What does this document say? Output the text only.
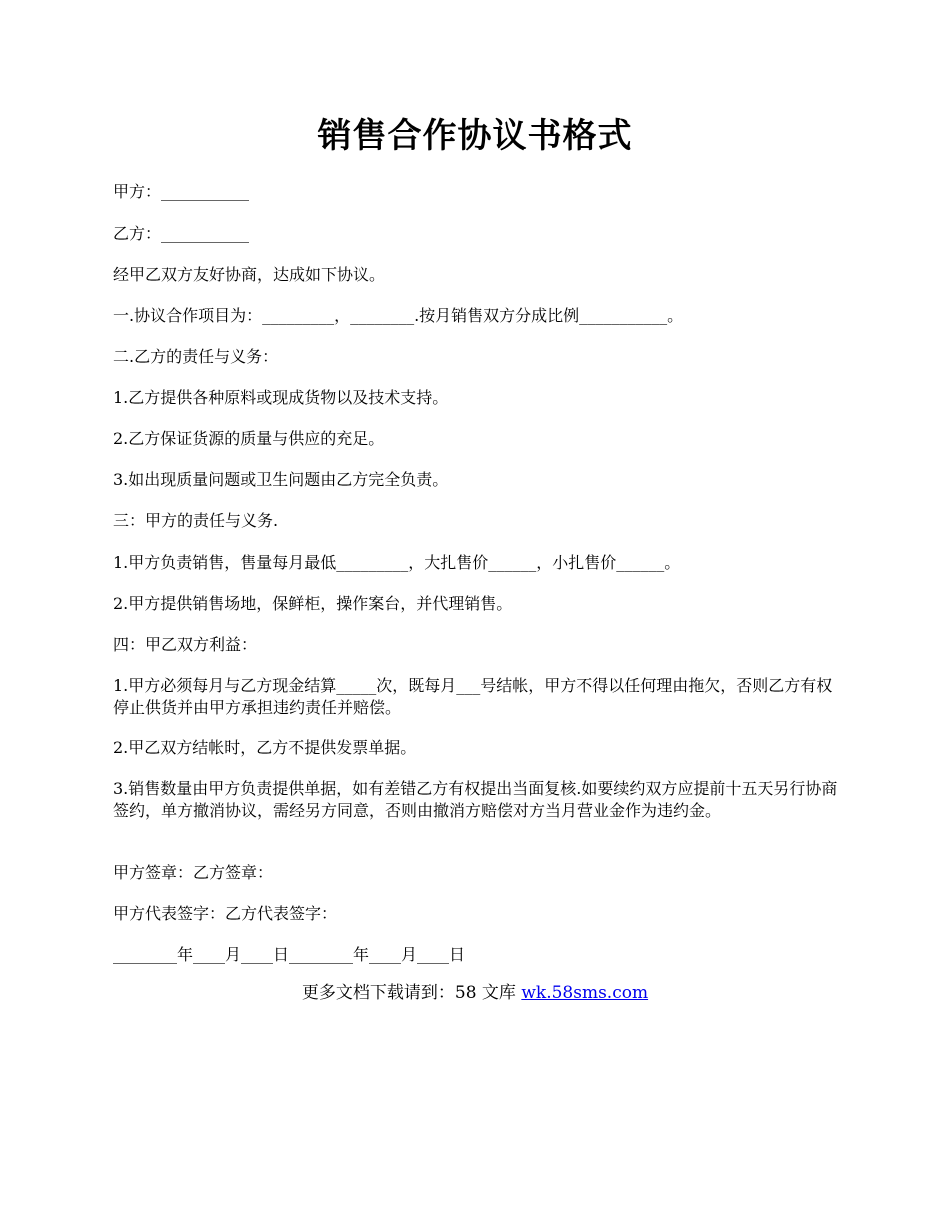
销售合作协议书格式

甲方：___________

乙方：___________

经甲乙双方友好协商，达成如下协议。

一.协议合作项目为：_________，________.按月销售双方分成比例___________。

二.乙方的责任与义务：

1.乙方提供各种原料或现成货物以及技术支持。

2.乙方保证货源的质量与供应的充足。

3.如出现质量问题或卫生问题由乙方完全负责。

三：甲方的责任与义务.

1.甲方负责销售，售量每月最低_________，大扎售价______，小扎售价______。

2.甲方提供销售场地，保鲜柜，操作案台，并代理销售。

四：甲乙双方利益：

1.甲方必须每月与乙方现金结算_____次，既每月___号结帐，甲方不得以任何理由拖欠，否则乙方有权停止供货并由甲方承担违约责任并赔偿。

2.甲乙双方结帐时，乙方不提供发票单据。

3.销售数量由甲方负责提供单据，如有差错乙方有权提出当面复核.如要续约双方应提前十五天另行协商签约，单方撤消协议，需经另方同意，否则由撤消方赔偿对方当月营业金作为违约金。

甲方签章：乙方签章：

甲方代表签字：乙方代表签字：

________年____月____日________年____月____日

更多文档下载请到：58 文库 wk.58sms.com
